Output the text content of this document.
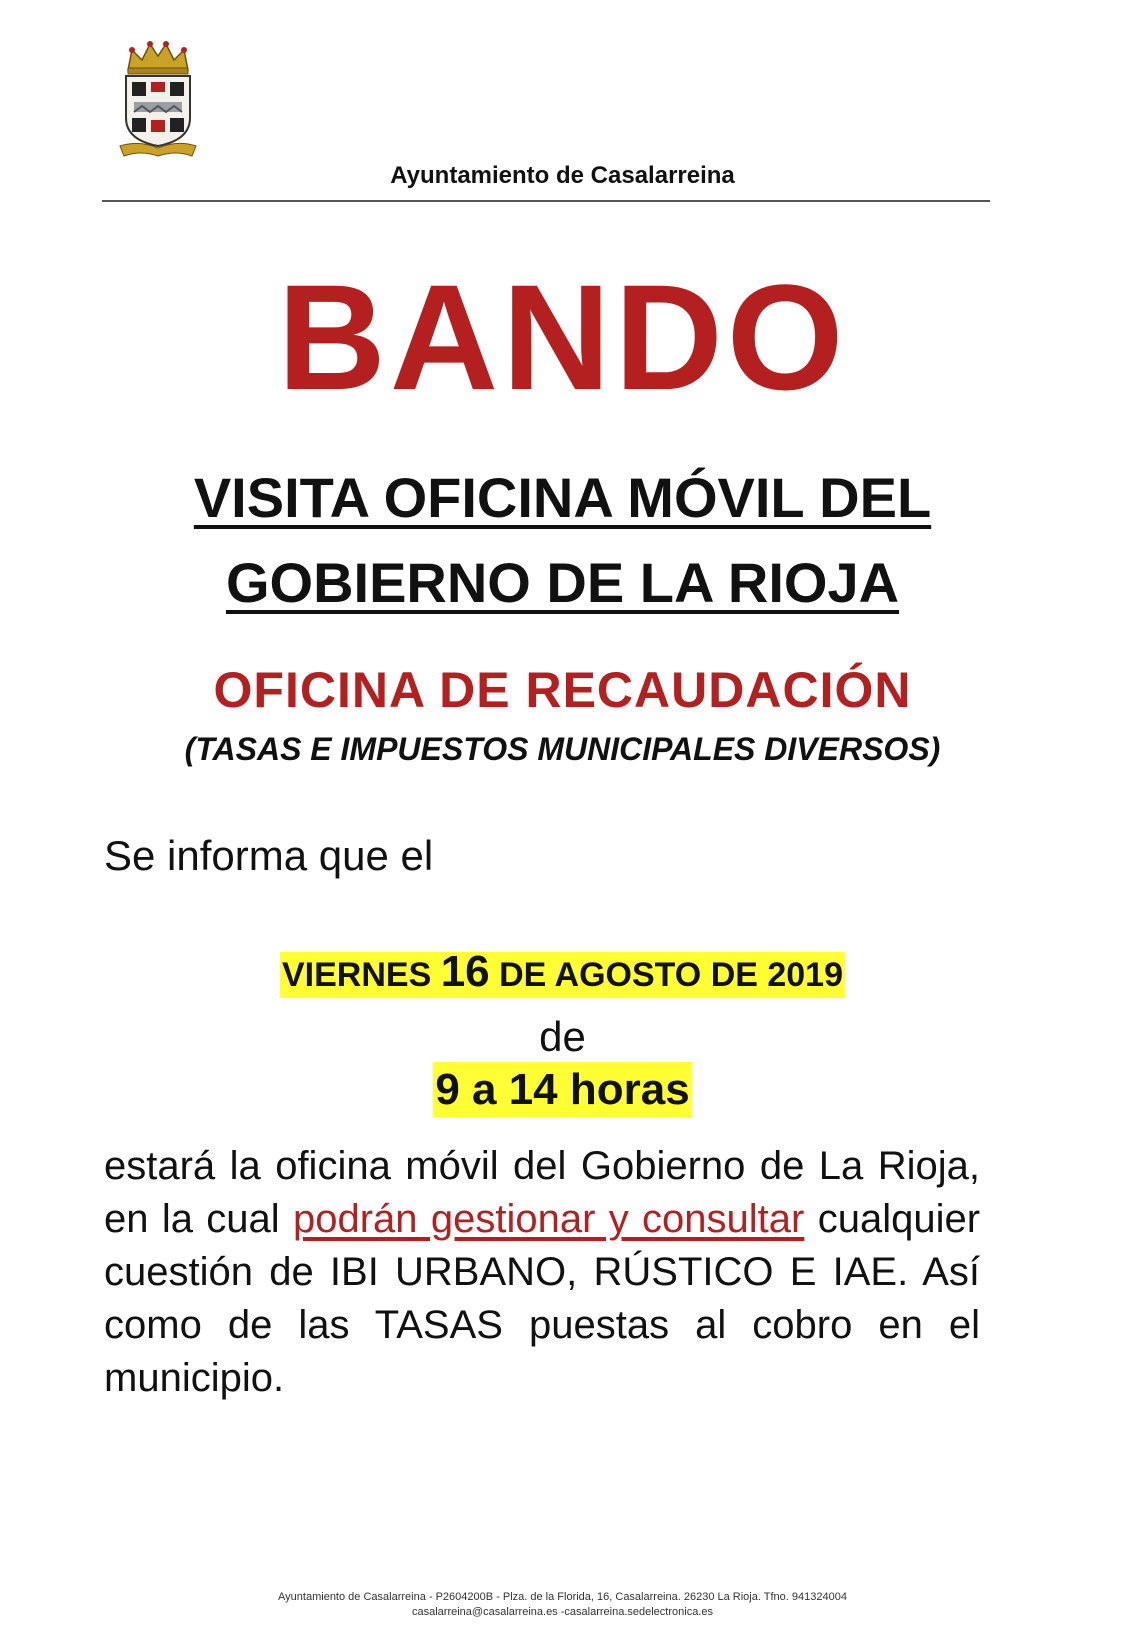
Ayuntamiento de Casalarreina
BANDO
VISITA OFICINA MÓVIL DEL
GOBIERNO DE LA RIOJA
OFICINA DE RECAUDACIÓN
(TASAS E IMPUESTOS MUNICIPALES DIVERSOS)
Se informa que el
VIERNES 16 DE AGOSTO DE 2019
de
9 a 14 horas
estará la oficina móvil del Gobierno de La Rioja, en la cual podrán gestionar y consultar cualquier cuestión de IBI URBANO, RÚSTICO E IAE. Así como de las TASAS puestas al cobro en el municipio.
Ayuntamiento de Casalarreina - P2604200B - Plza. de la Florida, 16, Casalarreina. 26230 La Rioja. Tfno. 941324004
casalarreina@casalarreina.es -casalarreina.sedelectronica.es
